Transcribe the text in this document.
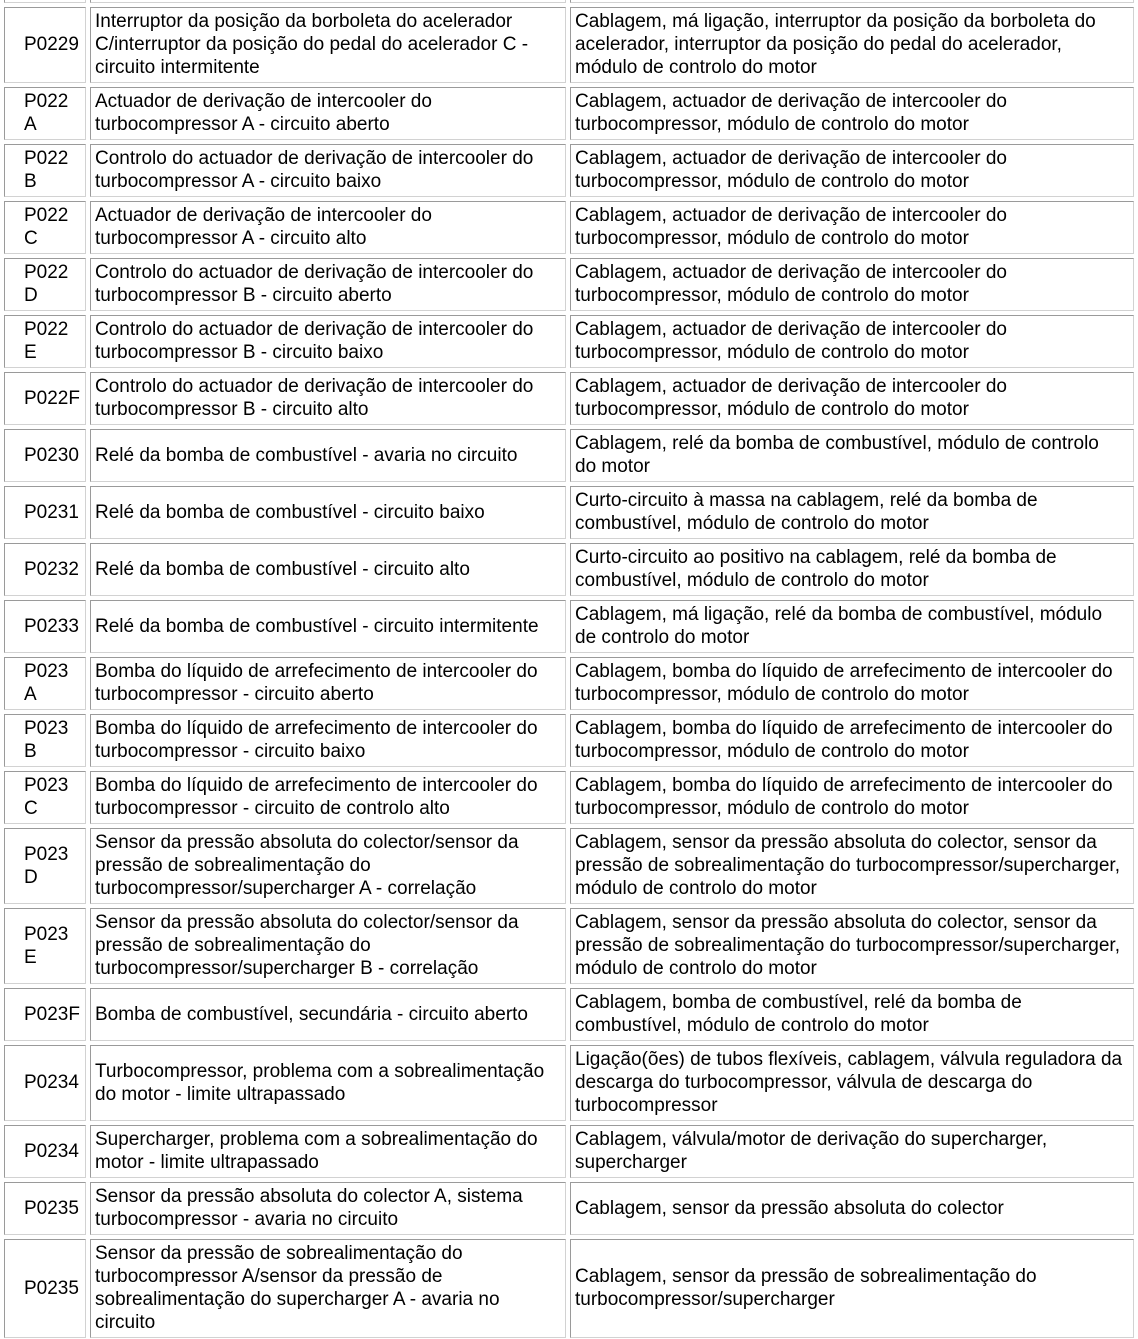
P0229	Interruptor da posição da borboleta do acelerador C/interruptor da posição do pedal do acelerador C - circuito intermitente	Cablagem, má ligação, interruptor da posição da borboleta do acelerador, interruptor da posição do pedal do acelerador, módulo de controlo do motor
P022A	Actuador de derivação de intercooler do turbocompressor A - circuito aberto	Cablagem, actuador de derivação de intercooler do turbocompressor, módulo de controlo do motor
P022B	Controlo do actuador de derivação de intercooler do turbocompressor A - circuito baixo	Cablagem, actuador de derivação de intercooler do turbocompressor, módulo de controlo do motor
P022C	Actuador de derivação de intercooler do turbocompressor A - circuito alto	Cablagem, actuador de derivação de intercooler do turbocompressor, módulo de controlo do motor
P022D	Controlo do actuador de derivação de intercooler do turbocompressor B - circuito aberto	Cablagem, actuador de derivação de intercooler do turbocompressor, módulo de controlo do motor
P022E	Controlo do actuador de derivação de intercooler do turbocompressor B - circuito baixo	Cablagem, actuador de derivação de intercooler do turbocompressor, módulo de controlo do motor
P022F	Controlo do actuador de derivação de intercooler do turbocompressor B - circuito alto	Cablagem, actuador de derivação de intercooler do turbocompressor, módulo de controlo do motor
P0230	Relé da bomba de combustível - avaria no circuito	Cablagem, relé da bomba de combustível, módulo de controlo do motor
P0231	Relé da bomba de combustível - circuito baixo	Curto-circuito à massa na cablagem, relé da bomba de combustível, módulo de controlo do motor
P0232	Relé da bomba de combustível - circuito alto	Curto-circuito ao positivo na cablagem, relé da bomba de combustível, módulo de controlo do motor
P0233	Relé da bomba de combustível - circuito intermitente	Cablagem, má ligação, relé da bomba de combustível, módulo de controlo do motor
P023A	Bomba do líquido de arrefecimento de intercooler do turbocompressor - circuito aberto	Cablagem, bomba do líquido de arrefecimento de intercooler do turbocompressor, módulo de controlo do motor
P023B	Bomba do líquido de arrefecimento de intercooler do turbocompressor - circuito baixo	Cablagem, bomba do líquido de arrefecimento de intercooler do turbocompressor, módulo de controlo do motor
P023C	Bomba do líquido de arrefecimento de intercooler do turbocompressor - circuito de controlo alto	Cablagem, bomba do líquido de arrefecimento de intercooler do turbocompressor, módulo de controlo do motor
P023D	Sensor da pressão absoluta do colector/sensor da pressão de sobrealimentação do turbocompressor/supercharger A - correlação	Cablagem, sensor da pressão absoluta do colector, sensor da pressão de sobrealimentação do turbocompressor/supercharger, módulo de controlo do motor
P023E	Sensor da pressão absoluta do colector/sensor da pressão de sobrealimentação do turbocompressor/supercharger B - correlação	Cablagem, sensor da pressão absoluta do colector, sensor da pressão de sobrealimentação do turbocompressor/supercharger, módulo de controlo do motor
P023F	Bomba de combustível, secundária - circuito aberto	Cablagem, bomba de combustível, relé da bomba de combustível, módulo de controlo do motor
P0234	Turbocompressor, problema com a sobrealimentação do motor - limite ultrapassado	Ligação(ões) de tubos flexíveis, cablagem, válvula reguladora da descarga do turbocompressor, válvula de descarga do turbocompressor
P0234	Supercharger, problema com a sobrealimentação do motor - limite ultrapassado	Cablagem, válvula/motor de derivação do supercharger, supercharger
P0235	Sensor da pressão absoluta do colector A, sistema turbocompressor - avaria no circuito	Cablagem, sensor da pressão absoluta do colector
P0235	Sensor da pressão de sobrealimentação do turbocompressor A/sensor da pressão de sobrealimentação do supercharger A - avaria no circuito	Cablagem, sensor da pressão de sobrealimentação do turbocompressor/supercharger
